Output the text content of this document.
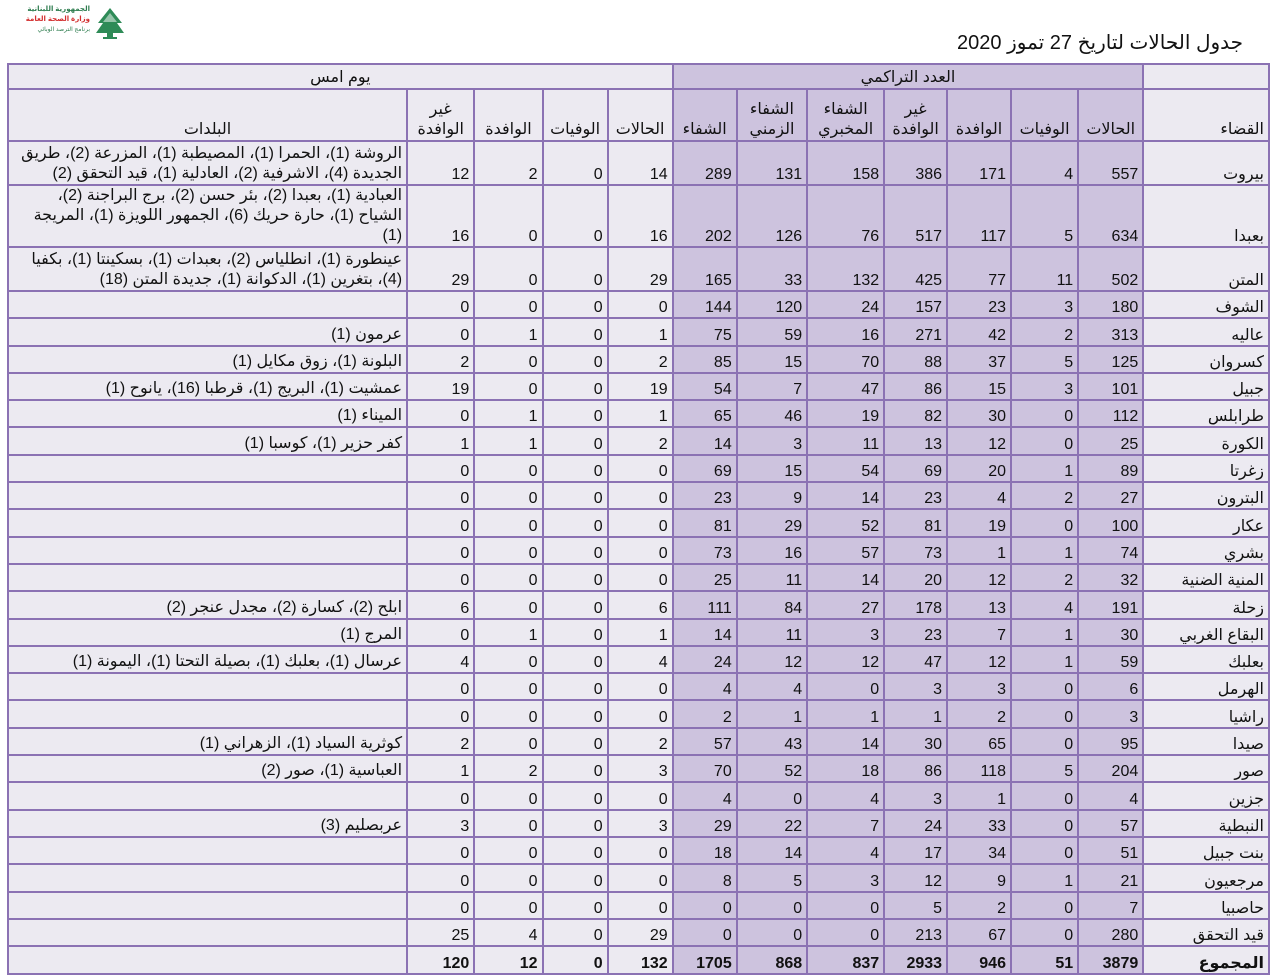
الجمهورية اللبنانية
وزارة الصحة العامة
برنامج الترصد الوبائي
جدول الحالات لتاريخ 27 تموز 2020
	العدد التراكمي							يوم امس				
القضاء	الحالات	الوفيات	الوافدة	غير الوافدة	الشفاء المخبري	الشفاء الزمني	الشفاء	الحالات	الوفيات	الوافدة	غير الوافدة	البلدات
بيروت	557	4	171	386	158	131	289	14	0	2	12	الروشة (1)، الحمرا (1)، المصيطبة (1)، المزرعة (2)، طريق الجديدة (4)، الاشرفية (2)، العادلية (1)، قيد التحقق (2)
بعبدا	634	5	117	517	76	126	202	16	0	0	16	العبادية (1)، بعبدا (2)، بئر حسن (2)، برج البراجنة (2)، الشياح (1)، حارة حريك (6)، الجمهور اللويزة (1)، المريجة (1)
المتن	502	11	77	425	132	33	165	29	0	0	29	عينطورة (1)، انطلياس (2)، بعبدات (1)، بسكينتا (1)، بكفيا (4)، بتغرين (1)، الدكوانة (1)، جديدة المتن (18)
الشوف	180	3	23	157	24	120	144	0	0	0	0	
عاليه	313	2	42	271	16	59	75	1	0	1	0	عرمون (1)
كسروان	125	5	37	88	70	15	85	2	0	0	2	البلونة (1)، زوق مكايل (1)
جبيل	101	3	15	86	47	7	54	19	0	0	19	عمشيت (1)، البريج (1)، قرطبا (16)، يانوح (1)
طرابلس	112	0	30	82	19	46	65	1	0	1	0	الميناء (1)
الكورة	25	0	12	13	11	3	14	2	0	1	1	كفر حزير (1)، كوسبا (1)
زغرتا	89	1	20	69	54	15	69	0	0	0	0	
البترون	27	2	4	23	14	9	23	0	0	0	0	
عكار	100	0	19	81	52	29	81	0	0	0	0	
بشري	74	1	1	73	57	16	73	0	0	0	0	
المنية الضنية	32	2	12	20	14	11	25	0	0	0	0	
زحلة	191	4	13	178	27	84	111	6	0	0	6	ابلح (2)، كسارة (2)، مجدل عنجر (2)
البقاع الغربي	30	1	7	23	3	11	14	1	0	1	0	المرج (1)
بعلبك	59	1	12	47	12	12	24	4	0	0	4	عرسال (1)، بعلبك (1)، بصيلة التحتا (1)، اليمونة (1)
الهرمل	6	0	3	3	0	4	4	0	0	0	0	
راشيا	3	0	2	1	1	1	2	0	0	0	0	
صيدا	95	0	65	30	14	43	57	2	0	0	2	كوثرية السياد (1)، الزهراني (1)
صور	204	5	118	86	18	52	70	3	0	2	1	العباسية (1)، صور (2)
جزين	4	0	1	3	4	0	4	0	0	0	0	
النبطية	57	0	33	24	7	22	29	3	0	0	3	عربصليم (3)
بنت جبيل	51	0	34	17	4	14	18	0	0	0	0	
مرجعيون	21	1	9	12	3	5	8	0	0	0	0	
حاصبيا	7	0	2	5	0	0	0	0	0	0	0	
قيد التحقق	280	0	67	213	0	0	0	29	0	4	25	
المجموع	3879	51	946	2933	837	868	1705	132	0	12	120	
